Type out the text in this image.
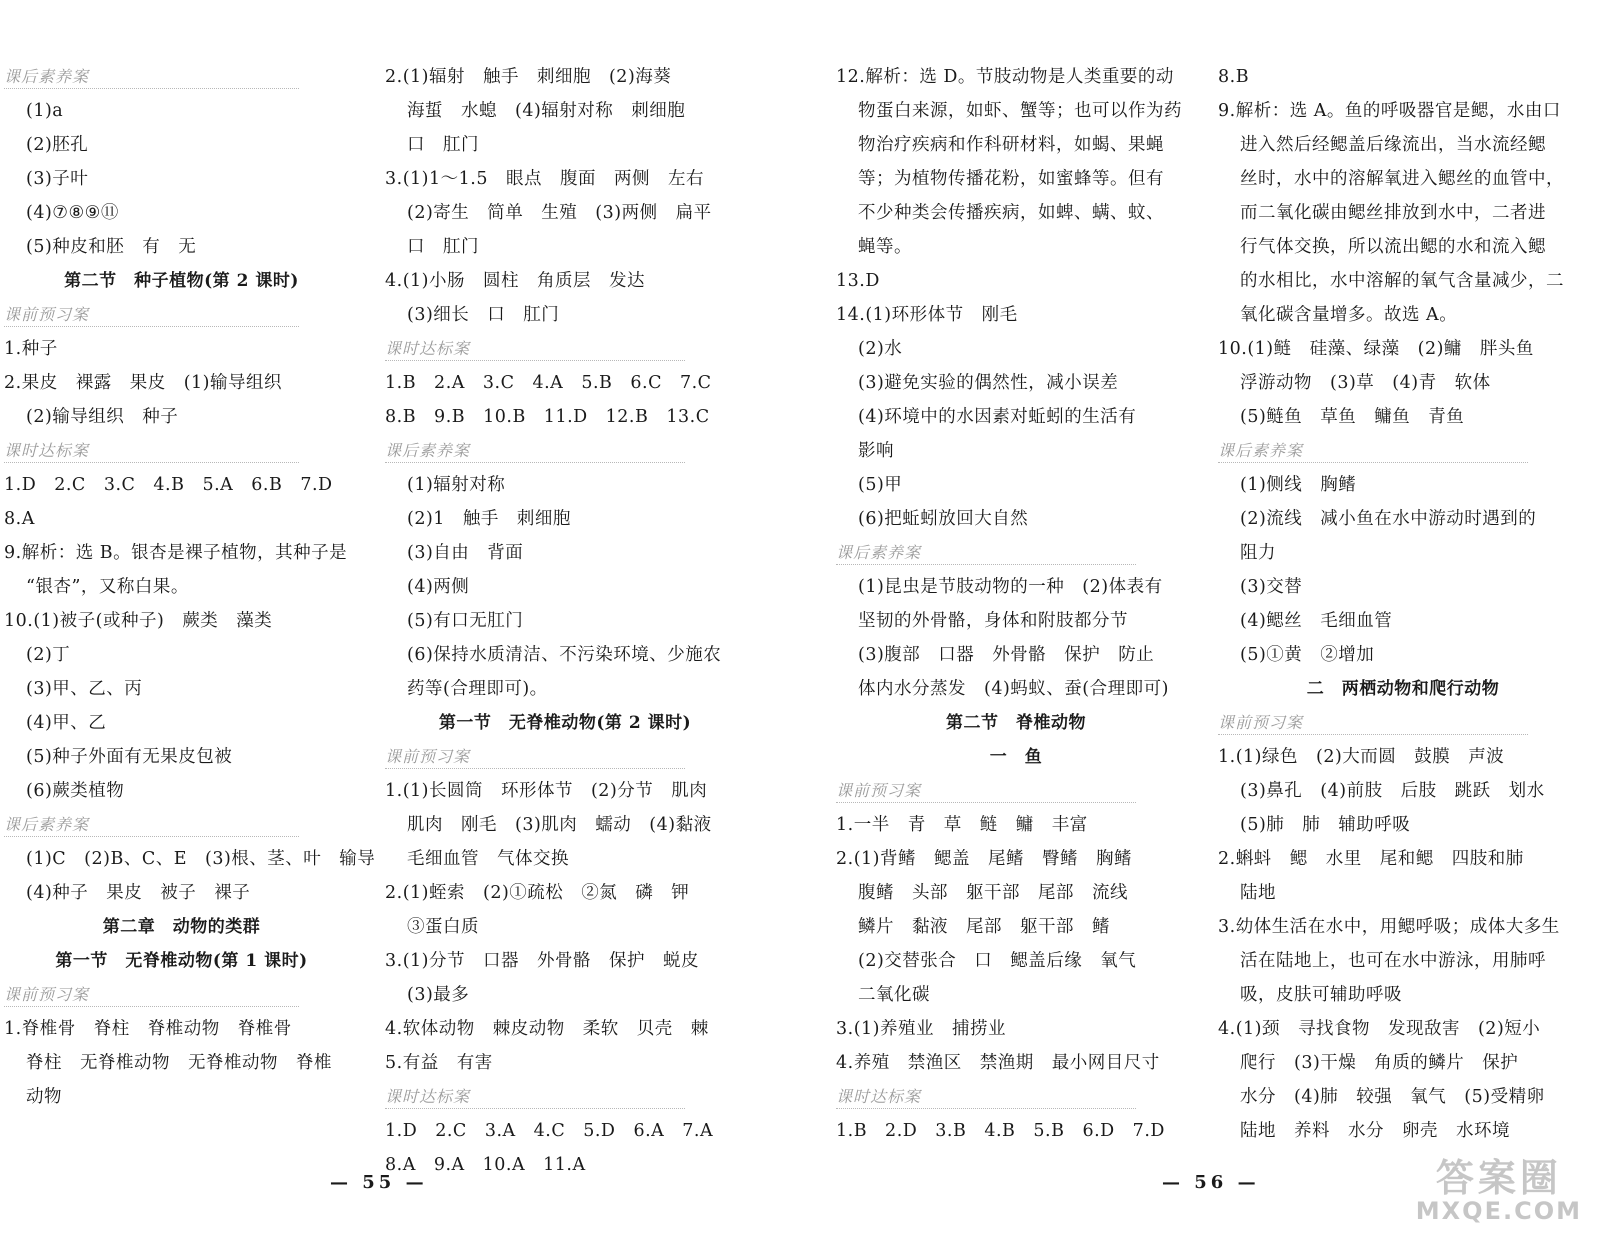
课后素养案
(1)a
(2)胚孔
(3)子叶
(4)⑦⑧⑨⑪
(5)种皮和胚　有　无
第二节　种子植物(第 2 课时)
课前预习案
1.种子
2.果皮　裸露　果皮　(1)输导组织
(2)输导组织　种子
课时达标案
1.D　2.C　3.C　4.B　5.A　6.B　7.D
8.A
9.解析：选 B。银杏是裸子植物，其种子是
“银杏”，又称白果。
10.(1)被子(或种子)　蕨类　藻类
(2)丁
(3)甲、乙、丙
(4)甲、乙
(5)种子外面有无果皮包被
(6)蕨类植物
课后素养案
(1)C　(2)B、C、E　(3)根、茎、叶　输导
(4)种子　果皮　被子　裸子
第二章　动物的类群
第一节　无脊椎动物(第 1 课时)
课前预习案
1.脊椎骨　脊柱　脊椎动物　脊椎骨
脊柱　无脊椎动物　无脊椎动物　脊椎
动物
2.(1)辐射　触手　刺细胞　(2)海葵
海蜇　水螅　(4)辐射对称　刺细胞
口　肛门
3.(1)1～1.5　眼点　腹面　两侧　左右
(2)寄生　简单　生殖　(3)两侧　扁平
口　肛门
4.(1)小肠　圆柱　角质层　发达
(3)细长　口　肛门
课时达标案
1.B　2.A　3.C　4.A　5.B　6.C　7.C
8.B　9.B　10.B　11.D　12.B　13.C
课后素养案
(1)辐射对称
(2)1　触手　刺细胞
(3)自由　背面
(4)两侧
(5)有口无肛门
(6)保持水质清洁、不污染环境、少施农
药等(合理即可)。
第一节　无脊椎动物(第 2 课时)
课前预习案
1.(1)长圆筒　环形体节　(2)分节　肌肉
肌肉　刚毛　(3)肌肉　蠕动　(4)黏液
毛细血管　气体交换
2.(1)蛭索　(2)①疏松　②氮　磷　钾
③蛋白质
3.(1)分节　口器　外骨骼　保护　蜕皮
(3)最多
4.软体动物　棘皮动物　柔软　贝壳　棘
5.有益　有害
课时达标案
1.D　2.C　3.A　4.C　5.D　6.A　7.A
8.A　9.A　10.A　11.A
12.解析：选 D。节肢动物是人类重要的动
物蛋白来源，如虾、蟹等；也可以作为药
物治疗疾病和作科研材料，如蝎、果蝇
等；为植物传播花粉，如蜜蜂等。但有
不少种类会传播疾病，如蜱、螨、蚊、
蝇等。
13.D
14.(1)环形体节　刚毛
(2)水
(3)避免实验的偶然性，减小误差
(4)环境中的水因素对蚯蚓的生活有
影响
(5)甲
(6)把蚯蚓放回大自然
课后素养案
(1)昆虫是节肢动物的一种　(2)体表有
坚韧的外骨骼，身体和附肢都分节
(3)腹部　口器　外骨骼　保护　防止
体内水分蒸发　(4)蚂蚁、蚕(合理即可)
第二节　脊椎动物
一　鱼
课前预习案
1.一半　青　草　鲢　鳙　丰富
2.(1)背鳍　鳃盖　尾鳍　臀鳍　胸鳍
腹鳍　头部　躯干部　尾部　流线
鳞片　黏液　尾部　躯干部　鳍
(2)交替张合　口　鳃盖后缘　氧气
二氧化碳
3.(1)养殖业　捕捞业
4.养殖　禁渔区　禁渔期　最小网目尺寸
课时达标案
1.B　2.D　3.B　4.B　5.B　6.D　7.D
8.B
9.解析：选 A。鱼的呼吸器官是鳃，水由口
进入然后经鳃盖后缘流出，当水流经鳃
丝时，水中的溶解氧进入鳃丝的血管中，
而二氧化碳由鳃丝排放到水中，二者进
行气体交换，所以流出鳃的水和流入鳃
的水相比，水中溶解的氧气含量减少，二
氧化碳含量增多。故选 A。
10.(1)鲢　硅藻、绿藻　(2)鳙　胖头鱼
浮游动物　(3)草　(4)青　软体
(5)鲢鱼　草鱼　鳙鱼　青鱼
课后素养案
(1)侧线　胸鳍
(2)流线　减小鱼在水中游动时遇到的
阻力
(3)交替
(4)鳃丝　毛细血管
(5)①黄　②增加
二　两栖动物和爬行动物
课前预习案
1.(1)绿色　(2)大而圆　鼓膜　声波
(3)鼻孔　(4)前肢　后肢　跳跃　划水
(5)肺　肺　辅助呼吸
2.蝌蚪　鳃　水里　尾和鳃　四肢和肺
陆地
3.幼体生活在水中，用鳃呼吸；成体大多生
活在陆地上，也可在水中游泳，用肺呼
吸，皮肤可辅助呼吸
4.(1)颈　寻找食物　发现敌害　(2)短小
爬行　(3)干燥　角质的鳞片　保护
水分　(4)肺　较强　氧气　(5)受精卵
陆地　养料　水分　卵壳　水环境
— 55 —	— 56 —	答案圈
MXQE.COM
